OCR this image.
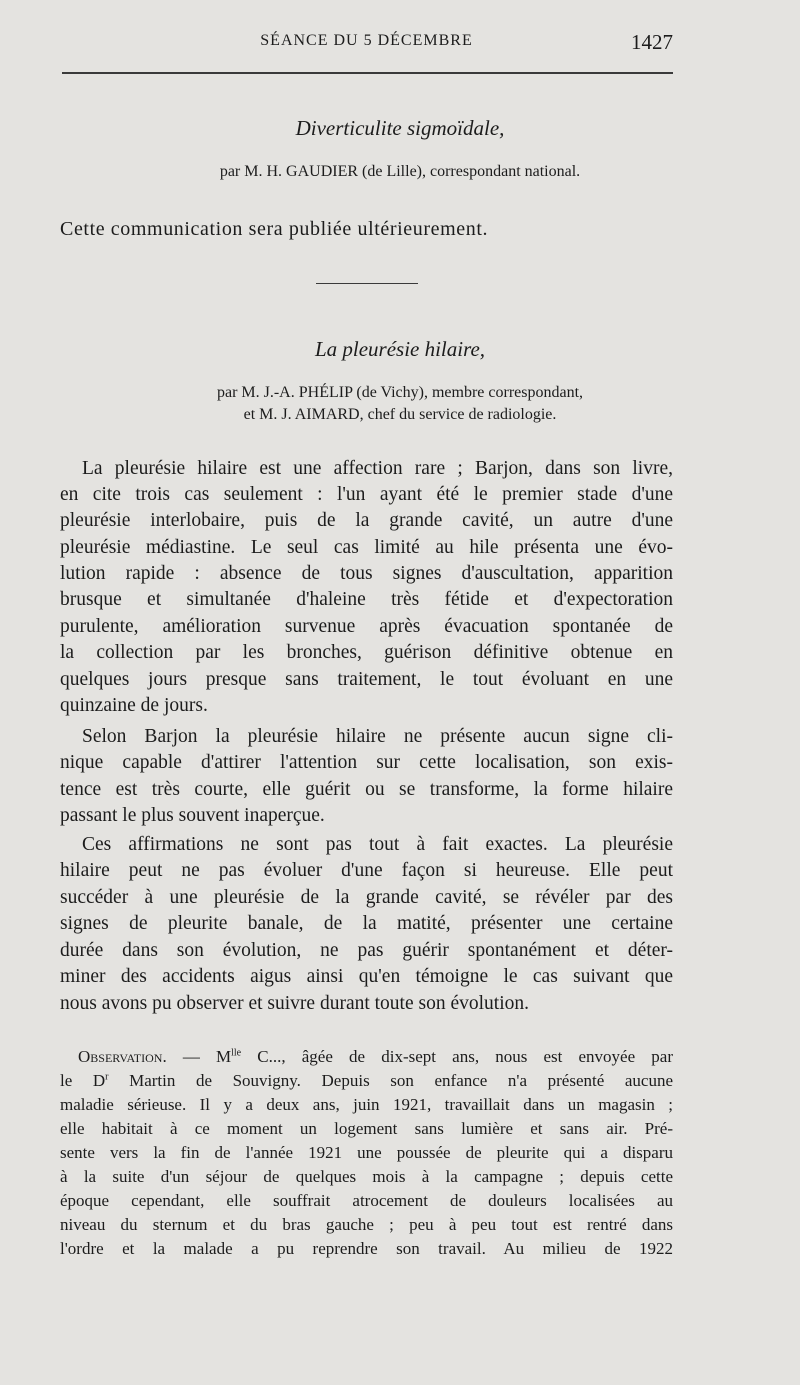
SÉANCE DU 5 DÉCEMBRE	1427
Diverticulite sigmoïdale,
par M. H. GAUDIER (de Lille), correspondant national.
Cette communication sera publiée ultérieurement.
La pleurésie hilaire,
par M. J.-A. PHÉLIP (de Vichy), membre correspondant,
et M. J. AIMARD, chef du service de radiologie.
La pleurésie hilaire est une affection rare ; Barjon, dans son livre,
en cite trois cas seulement : l'un ayant été le premier stade d'une
pleurésie interlobaire, puis de la grande cavité, un autre d'une
pleurésie médiastine. Le seul cas limité au hile présenta une évo-
lution rapide : absence de tous signes d'auscultation, apparition
brusque et simultanée d'haleine très fétide et d'expectoration
purulente, amélioration survenue après évacuation spontanée de
la collection par les bronches, guérison définitive obtenue en
quelques jours presque sans traitement, le tout évoluant en une
quinzaine de jours.
Selon Barjon la pleurésie hilaire ne présente aucun signe cli-
nique capable d'attirer l'attention sur cette localisation, son exis-
tence est très courte, elle guérit ou se transforme, la forme hilaire
passant le plus souvent inaperçue.
Ces affirmations ne sont pas tout à fait exactes. La pleurésie
hilaire peut ne pas évoluer d'une façon si heureuse. Elle peut
succéder à une pleurésie de la grande cavité, se révéler par des
signes de pleurite banale, de la matité, présenter une certaine
durée dans son évolution, ne pas guérir spontanément et déter-
miner des accidents aigus ainsi qu'en témoigne le cas suivant que
nous avons pu observer et suivre durant toute son évolution.
Observation. — $M^{lle}$ C..., âgée de dix-sept ans, nous est envoyée par
le $D^r$ Martin de Souvigny. Depuis son enfance n'a présenté aucune
maladie sérieuse. Il y a deux ans, juin 1921, travaillait dans un magasin ;
elle habitait à ce moment un logement sans lumière et sans air. Pré-
sente vers la fin de l'année 1921 une poussée de pleurite qui a disparu
à la suite d'un séjour de quelques mois à la campagne ; depuis cette
époque cependant, elle souffrait atrocement de douleurs localisées au
niveau du sternum et du bras gauche ; peu à peu tout est rentré dans
l'ordre et la malade a pu reprendre son travail. Au milieu de 1922
